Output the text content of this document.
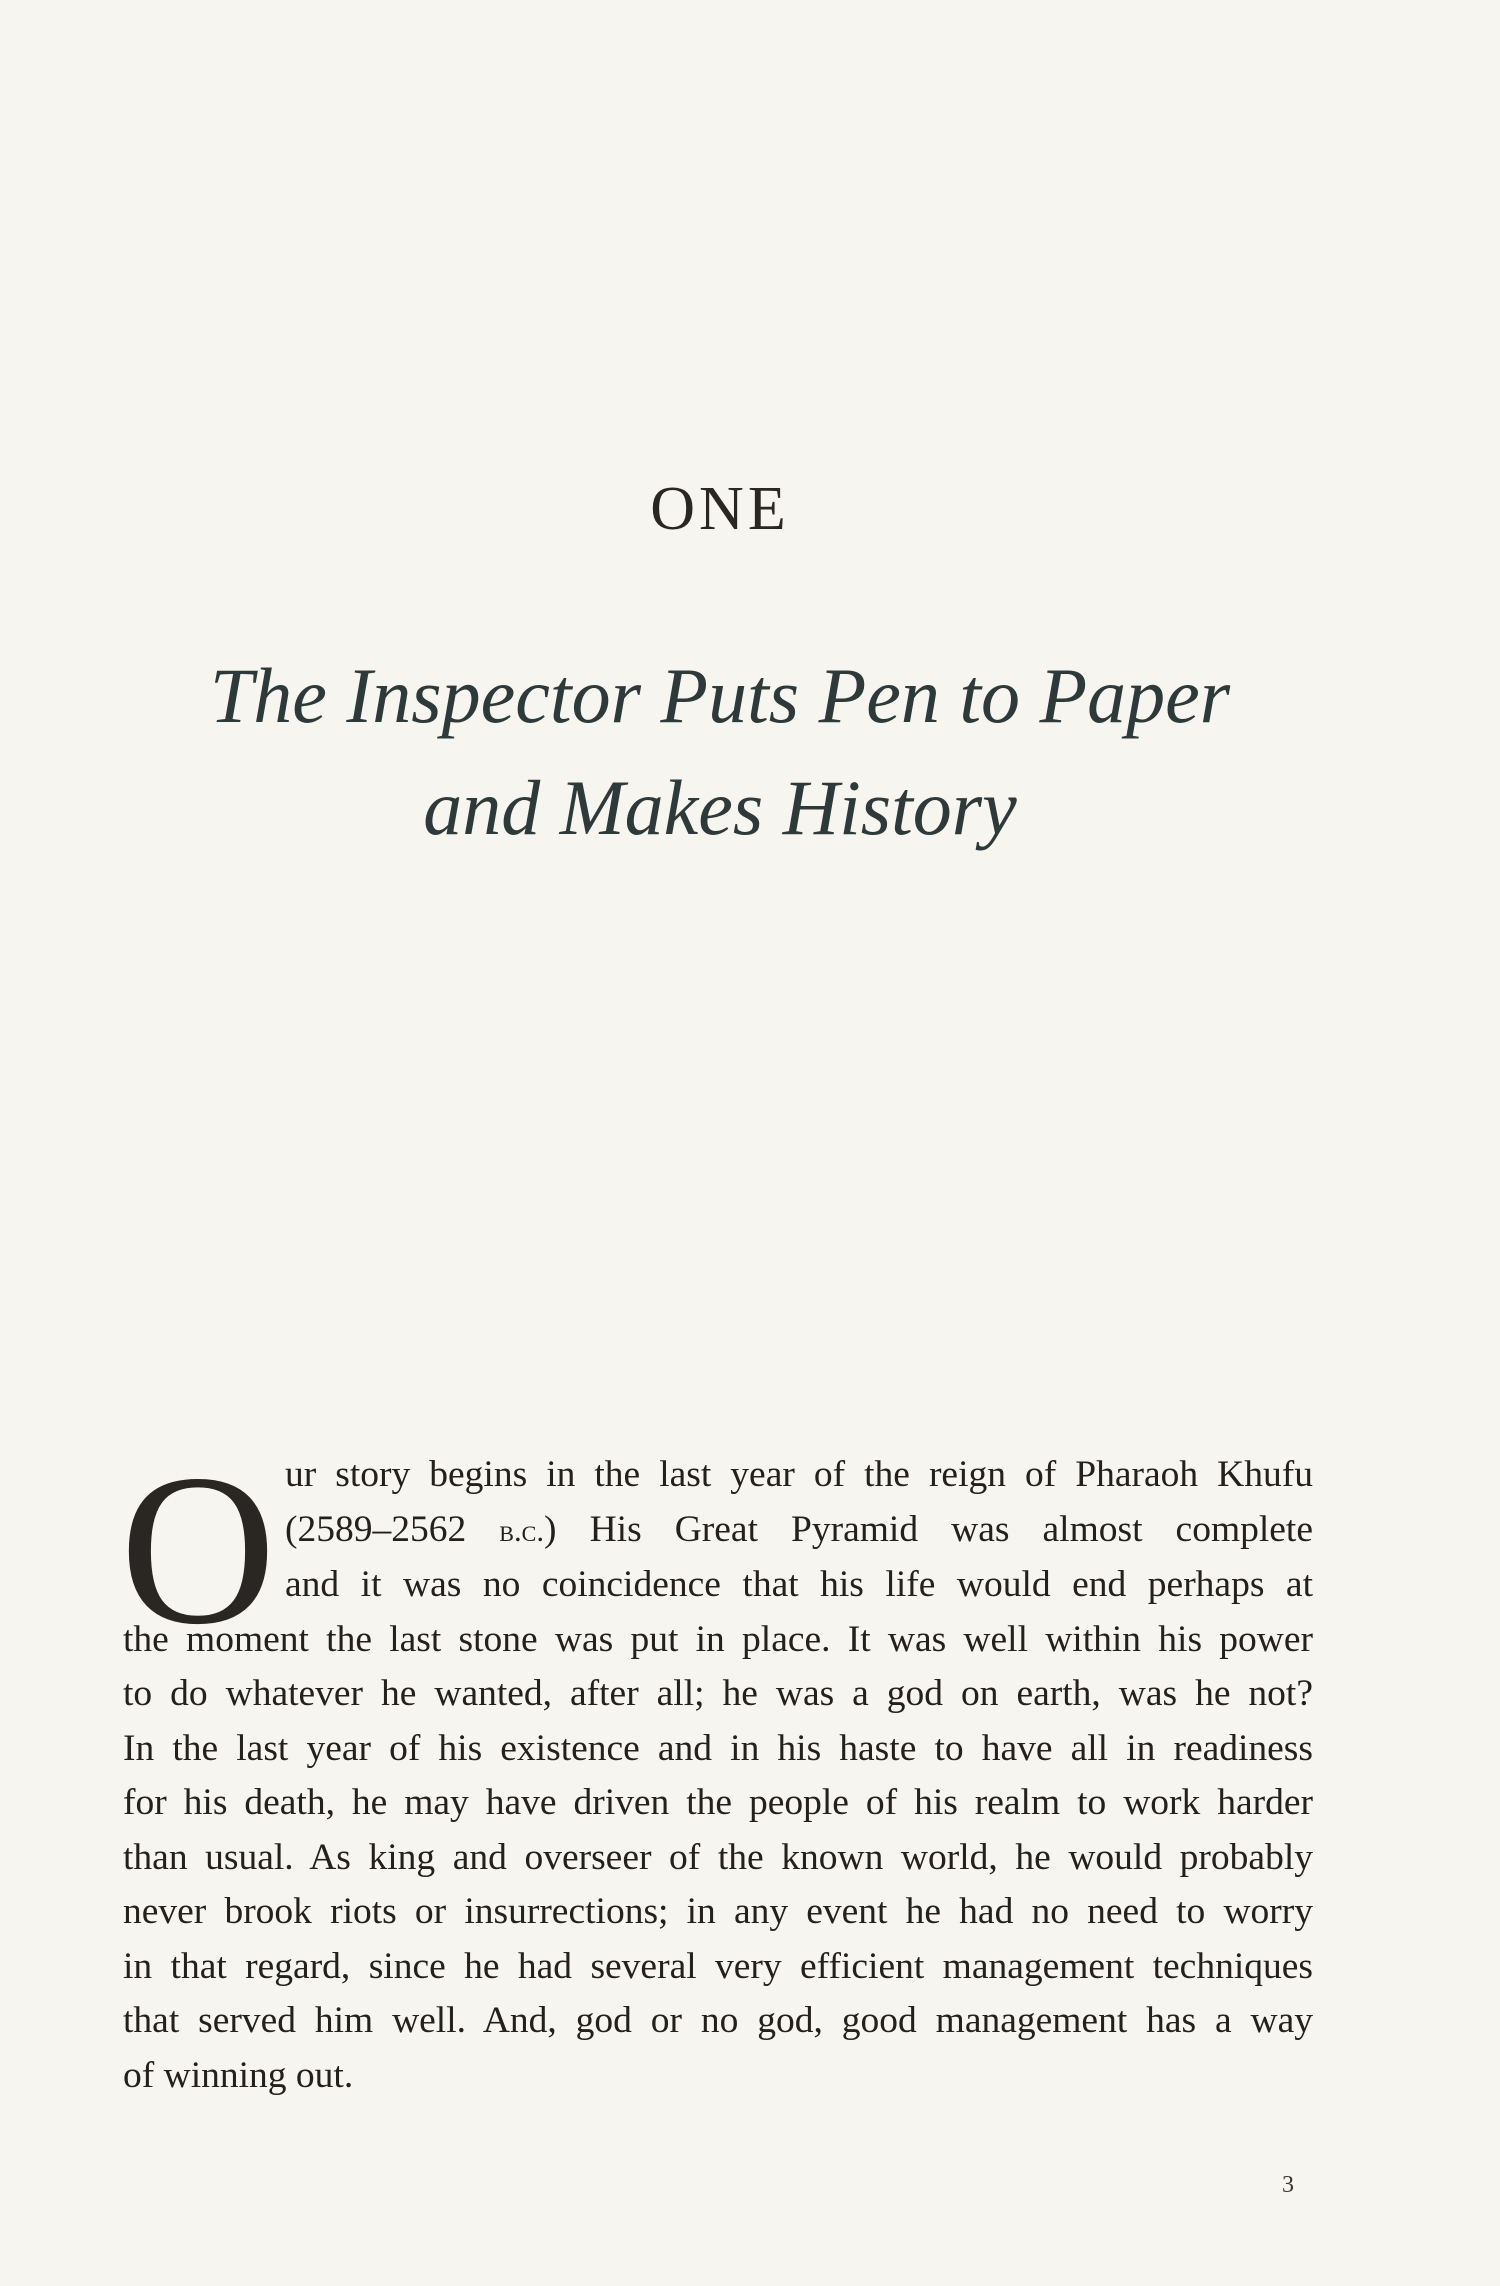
ONE
The Inspector Puts Pen to Paper
and Makes History
O ur story begins in the last year of the reign of Pharaoh Khufu
(2589–2562 b.c.) His Great Pyramid was almost complete
and it was no coincidence that his life would end perhaps at
the moment the last stone was put in place. It was well within his power
to do whatever he wanted, after all; he was a god on earth, was he not?
In the last year of his existence and in his haste to have all in readiness
for his death, he may have driven the people of his realm to work harder
than usual. As king and overseer of the known world, he would probably
never brook riots or insurrections; in any event he had no need to worry
in that regard, since he had several very efficient management techniques
that served him well. And, god or no god, good management has a way
of winning out.
3
